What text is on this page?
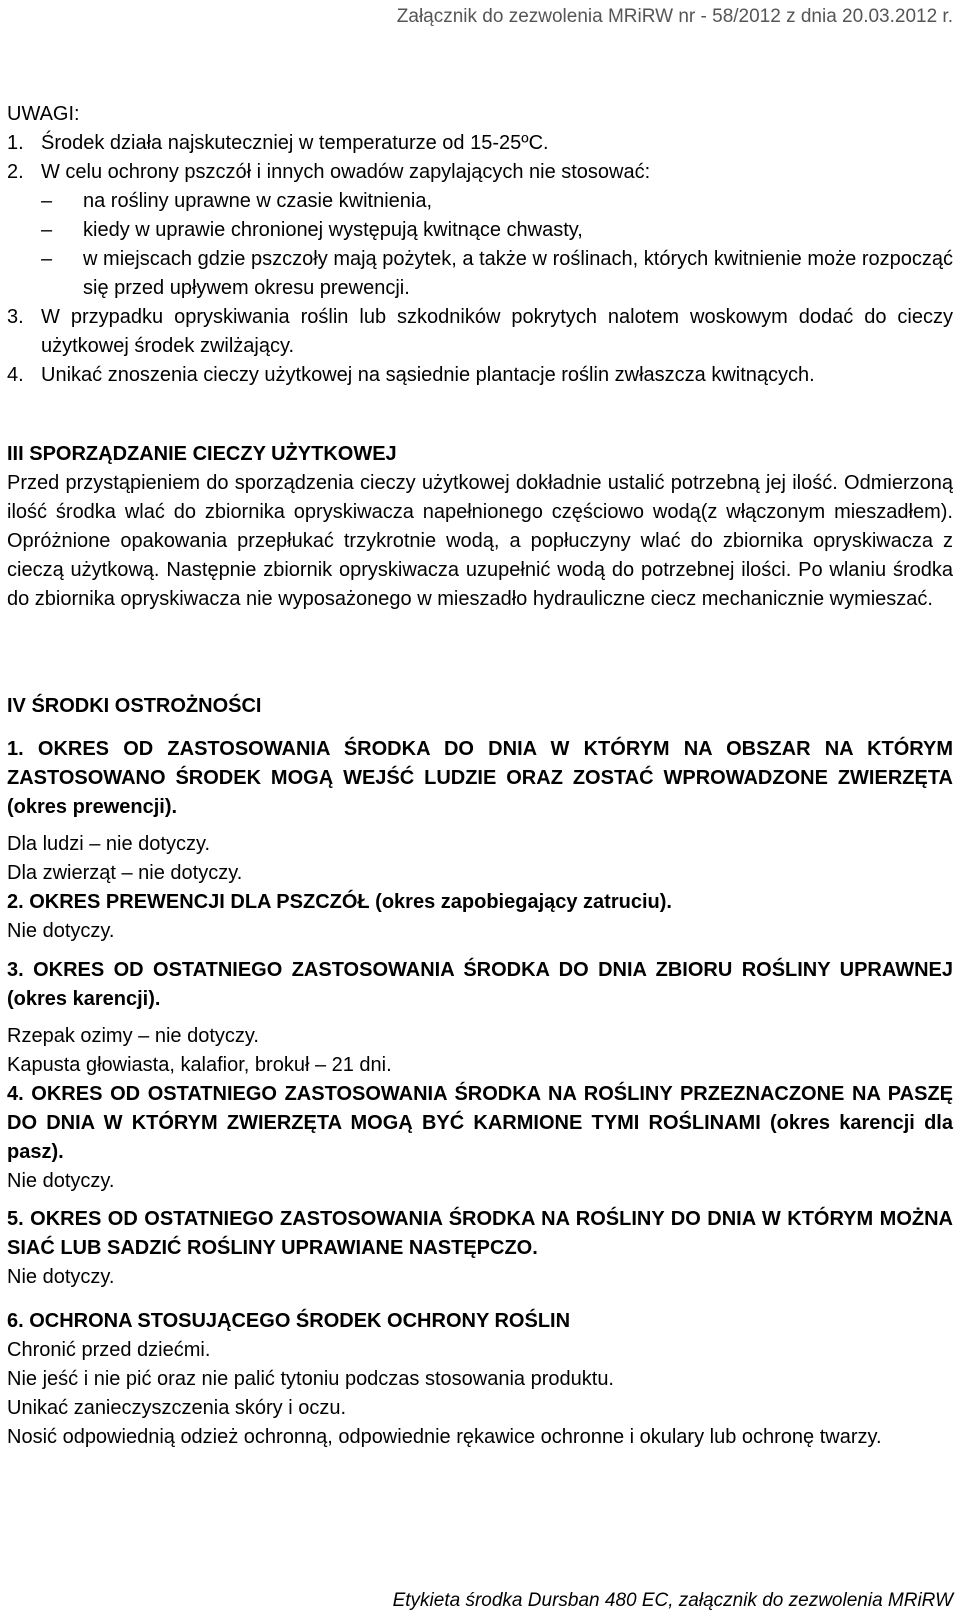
Załącznik do zezwolenia MRiRW nr - 58/2012 z dnia 20.03.2012 r.

UWAGI:

1. Środek działa najskuteczniej w temperaturze od 15-25ºC.
2. W celu ochrony pszczół i innych owadów zapylających nie stosować:
– na rośliny uprawne w czasie kwitnienia,
– kiedy w uprawie chronionej występują kwitnące chwasty,
– w miejscach gdzie pszczoły mają pożytek, a także w roślinach, których kwitnienie może rozpocząć się przed upływem okresu prewencji.
3. W przypadku opryskiwania roślin lub szkodników pokrytych nalotem woskowym dodać do cieczy użytkowej środek zwilżający.
4. Unikać znoszenia cieczy użytkowej na sąsiednie plantacje roślin zwłaszcza kwitnących.

III SPORZĄDZANIE CIECZY UŻYTKOWEJ

Przed przystąpieniem do sporządzenia cieczy użytkowej dokładnie ustalić potrzebną jej ilość. Odmierzoną ilość środka wlać do zbiornika opryskiwacza napełnionego częściowo wodą(z włączonym mieszadłem). Opróżnione opakowania przepłukać trzykrotnie wodą, a popłuczyny wlać do zbiornika opryskiwacza z cieczą użytkową. Następnie zbiornik opryskiwacza uzupełnić wodą do potrzebnej ilości. Po wlaniu środka do zbiornika opryskiwacza nie wyposażonego w mieszadło hydrauliczne ciecz mechanicznie wymieszać.

IV ŚRODKI OSTROŻNOŚCI

1. OKRES OD ZASTOSOWANIA ŚRODKA DO DNIA W KTÓRYM NA OBSZAR NA KTÓRYM ZASTOSOWANO ŚRODEK MOGĄ WEJŚĆ LUDZIE ORAZ ZOSTAĆ WPROWADZONE ZWIERZĘTA (okres prewencji).

Dla ludzi – nie dotyczy.

Dla zwierząt – nie dotyczy.

2. OKRES PREWENCJI DLA PSZCZÓŁ (okres zapobiegający zatruciu).

Nie dotyczy.

3. OKRES OD OSTATNIEGO ZASTOSOWANIA ŚRODKA DO DNIA ZBIORU ROŚLINY UPRAWNEJ (okres karencji).

Rzepak ozimy – nie dotyczy.

Kapusta głowiasta, kalafior, brokuł – 21 dni.

4. OKRES OD OSTATNIEGO ZASTOSOWANIA ŚRODKA NA ROŚLINY PRZEZNACZONE NA PASZĘ DO DNIA W KTÓRYM ZWIERZĘTA MOGĄ BYĆ KARMIONE TYMI ROŚLINAMI (okres karencji dla pasz).

Nie dotyczy.

5. OKRES OD OSTATNIEGO ZASTOSOWANIA ŚRODKA NA ROŚLINY DO DNIA W KTÓRYM MOŻNA SIAĆ LUB SADZIĆ ROŚLINY UPRAWIANE NASTĘPCZO.

Nie dotyczy.

6. OCHRONA STOSUJĄCEGO ŚRODEK OCHRONY ROŚLIN

Chronić przed dziećmi.

Nie jeść i nie pić oraz nie palić tytoniu podczas stosowania produktu.

Unikać zanieczyszczenia skóry i oczu.

Nosić odpowiednią odzież ochronną, odpowiednie rękawice ochronne i okulary lub ochronę twarzy.

Etykieta środka Dursban 480 EC, załącznik do zezwolenia MRiRW
